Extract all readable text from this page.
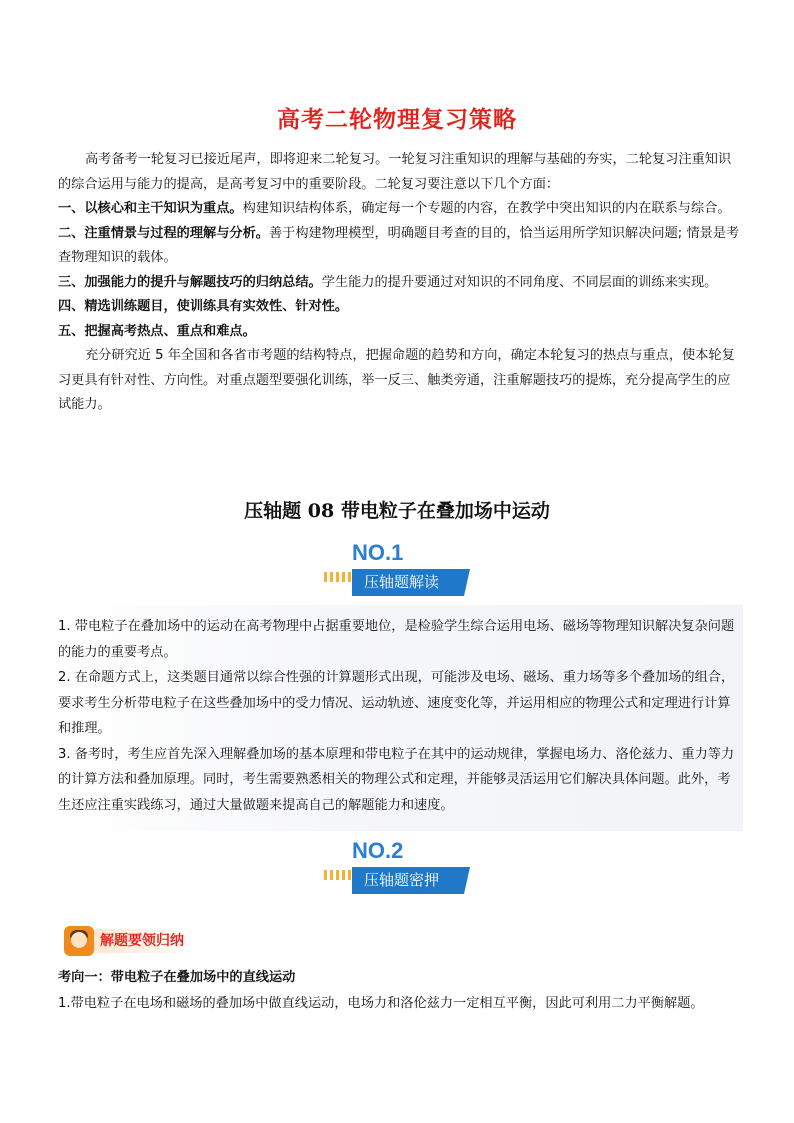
高考二轮物理复习策略

高考备考一轮复习已接近尾声，即将迎来二轮复习。一轮复习注重知识的理解与基础的夯实，二轮复习注重知识的综合运用与能力的提高，是高考复习中的重要阶段。二轮复习要注意以下几个方面：

一、以核心和主干知识为重点。构建知识结构体系，确定每一个专题的内容，在教学中突出知识的内在联系与综合。

二、注重情景与过程的理解与分析。善于构建物理模型，明确题目考查的目的，恰当运用所学知识解决问题; 情景是考查物理知识的载体。

三、加强能力的提升与解题技巧的归纳总结。学生能力的提升要通过对知识的不同角度、不同层面的训练来实现。

四、精选训练题目，使训练具有实效性、针对性。

五、把握高考热点、重点和难点。

充分研究近 5 年全国和各省市考题的结构特点，把握命题的趋势和方向，确定本轮复习的热点与重点，使本轮复习更具有针对性、方向性。对重点题型要强化训练，举一反三、触类旁通，注重解题技巧的提炼，充分提高学生的应试能力。

压轴题 08 带电粒子在叠加场中运动
NO.1
压轴题解读

1. 带电粒子在叠加场中的运动在高考物理中占据重要地位，是检验学生综合运用电场、磁场等物理知识解决复杂问题的能力的重要考点。

2. 在命题方式上，这类题目通常以综合性强的计算题形式出现，可能涉及电场、磁场、重力场等多个叠加场的组合，要求考生分析带电粒子在这些叠加场中的受力情况、运动轨迹、速度变化等，并运用相应的物理公式和定理进行计算和推理。

3. 备考时，考生应首先深入理解叠加场的基本原理和带电粒子在其中的运动规律，掌握电场力、洛伦兹力、重力等力的计算方法和叠加原理。同时，考生需要熟悉相关的物理公式和定理，并能够灵活运用它们解决具体问题。此外，考生还应注重实践练习，通过大量做题来提高自己的解题能力和速度。

NO.2
压轴题密押
解题要领归纳
考向一：带电粒子在叠加场中的直线运动
1.带电粒子在电场和磁场的叠加场中做直线运动，电场力和洛伦兹力一定相互平衡，因此可利用二力平衡解题。
